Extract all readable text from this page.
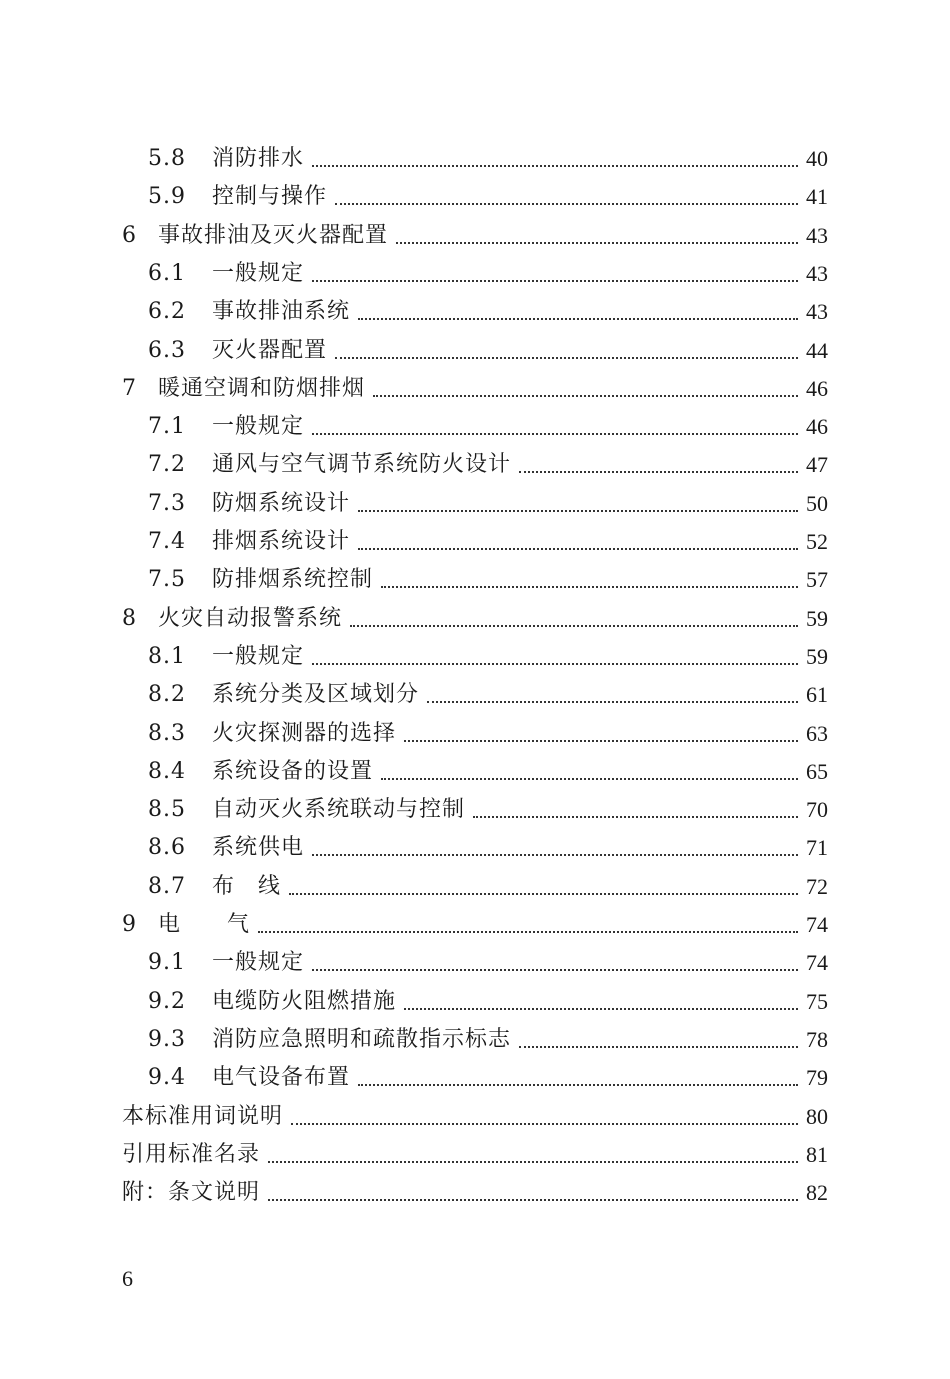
5.8	消防排水	40
5.9	控制与操作	41
6 事故排油及灭火器配置	43
6.1	一般规定	43
6.2	事故排油系统	43
6.3	灭火器配置	44
7 暖通空调和防烟排烟	46
7.1	一般规定	46
7.2	通风与空气调节系统防火设计	47
7.3	防烟系统设计	50
7.4	排烟系统设计	52
7.5	防排烟系统控制	57
8 火灾自动报警系统	59
8.1	一般规定	59
8.2	系统分类及区域划分	61
8.3	火灾探测器的选择	63
8.4	系统设备的设置	65
8.5	自动灭火系统联动与控制	70
8.6	系统供电	71
8.7	布　线	72
9 电　　气	74
9.1	一般规定	74
9.2	电缆防火阻燃措施	75
9.3	消防应急照明和疏散指示标志	78
9.4	电气设备布置	79
本标准用词说明	80
引用标准名录	81
附：条文说明	82
6
